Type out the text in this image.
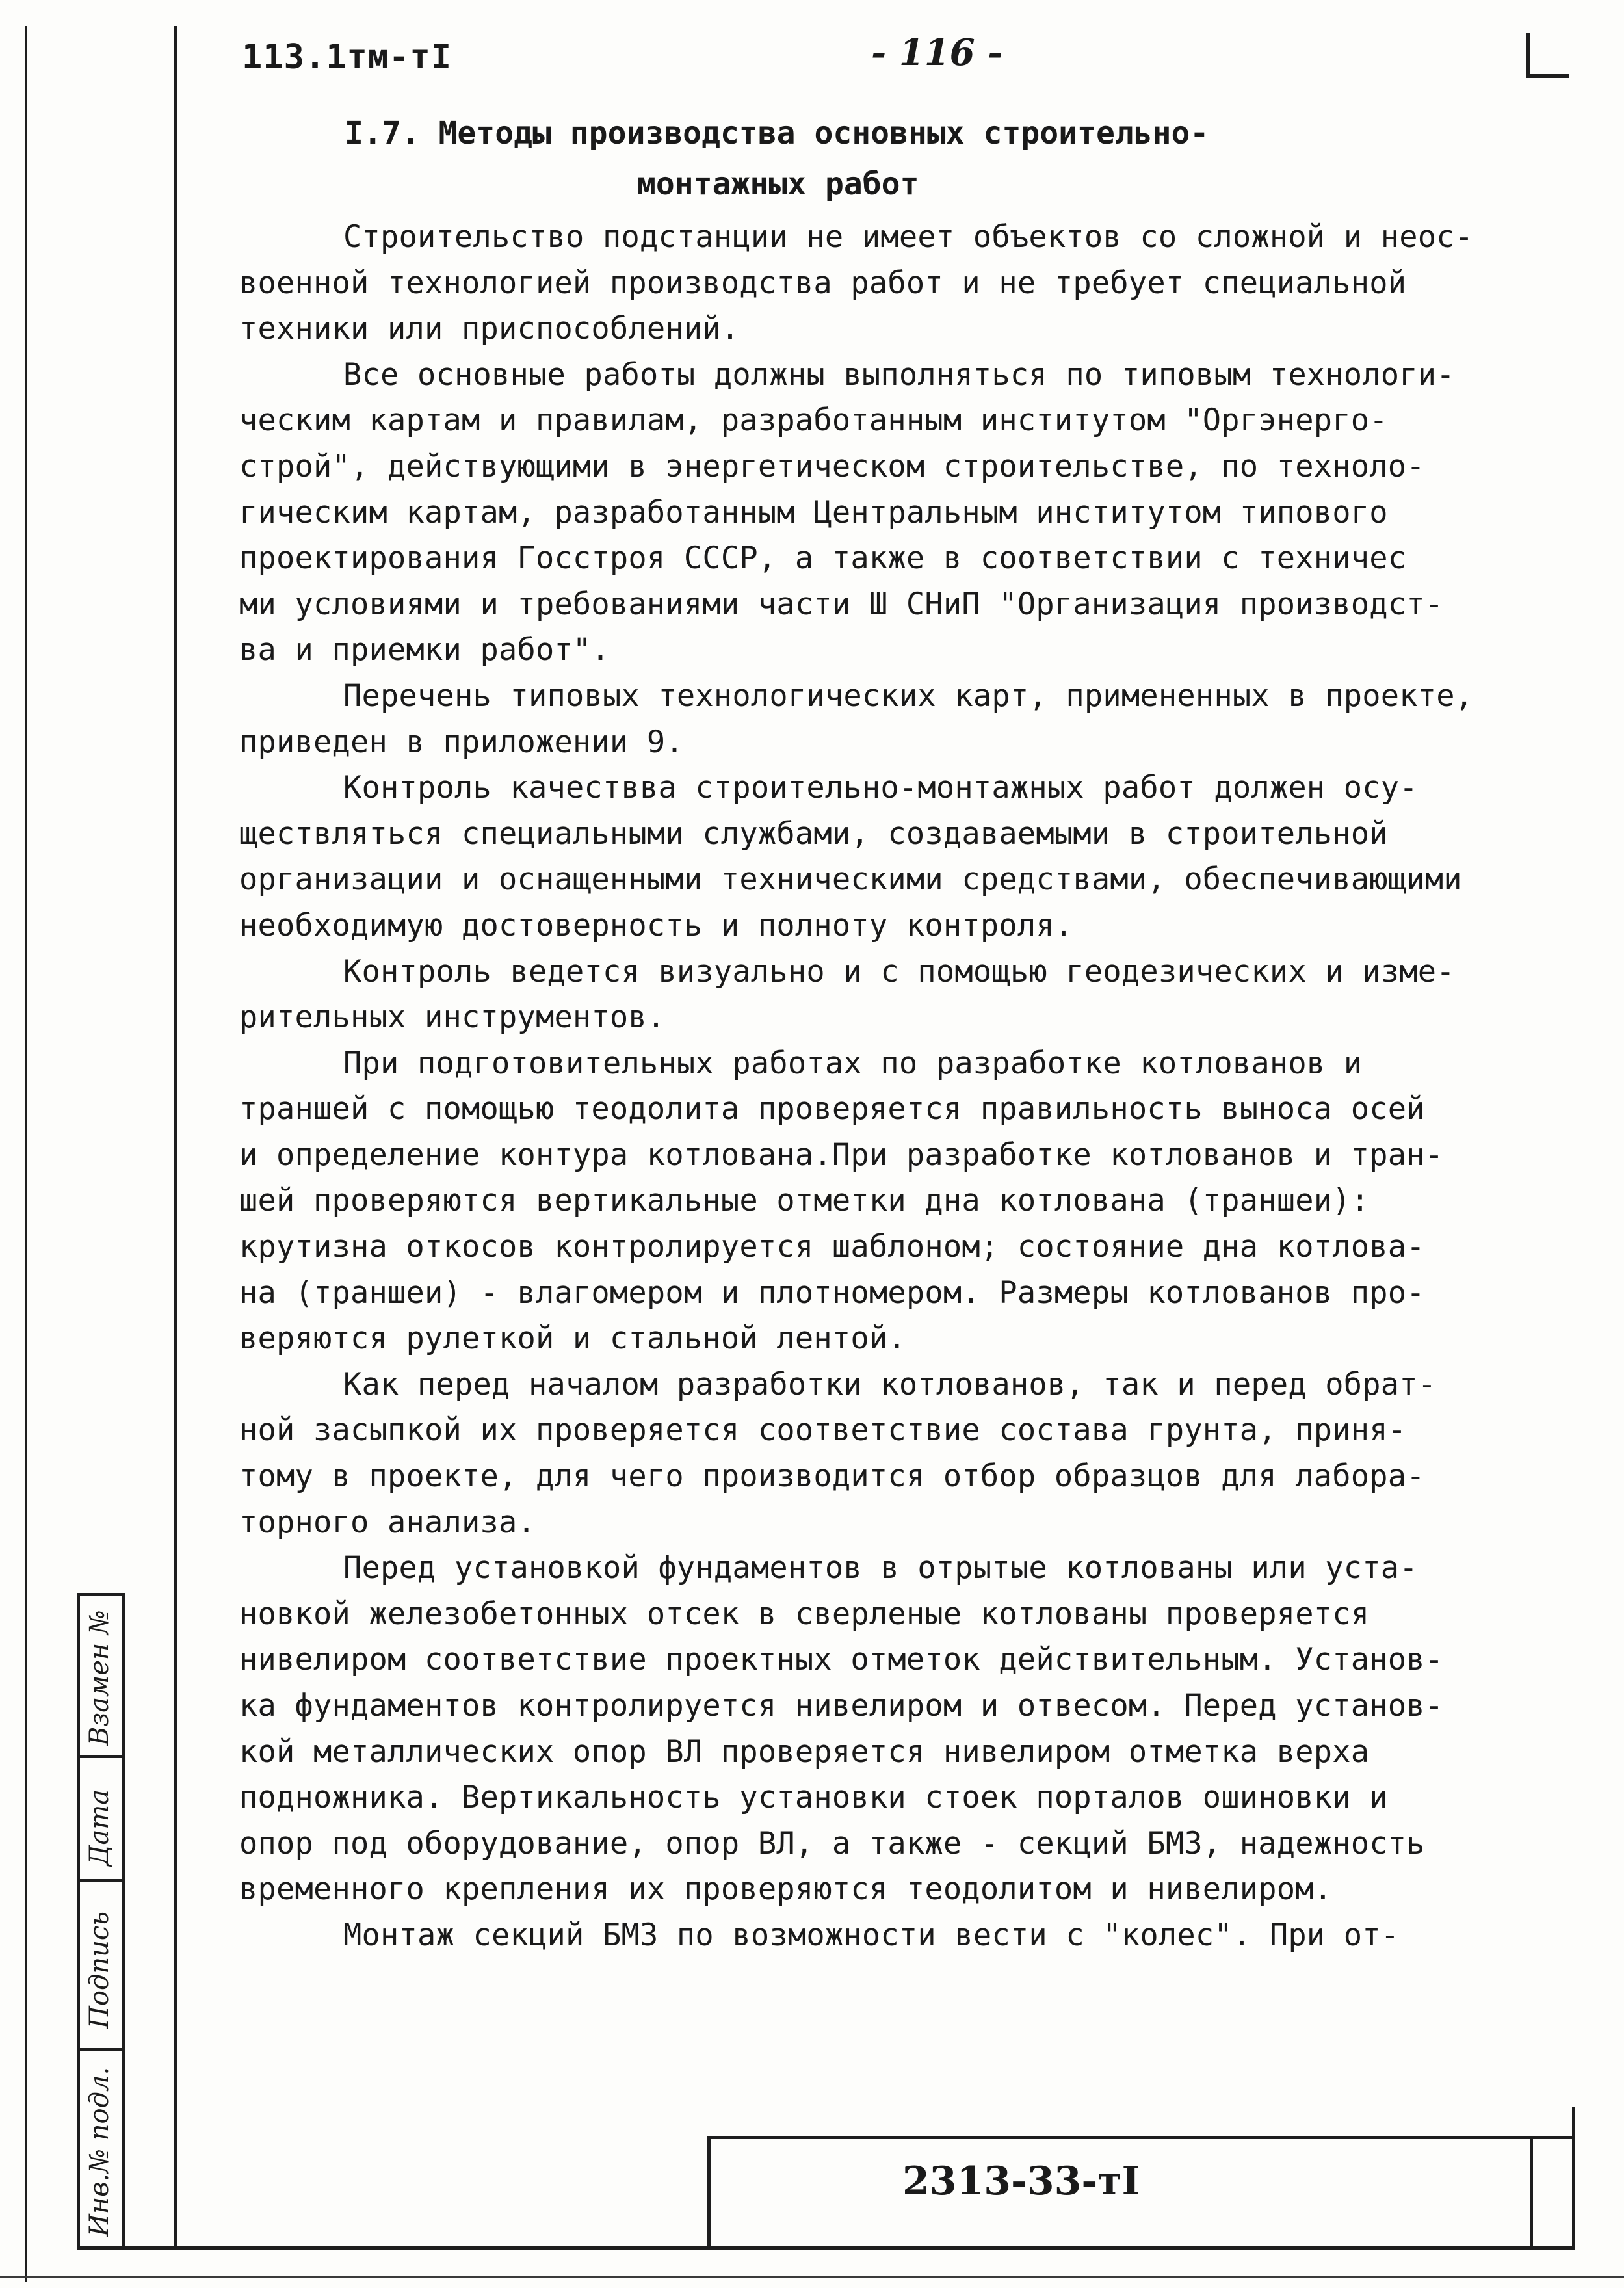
113.1тм-тI	- 116 -
I.7. Методы производства основных строительно-
монтажных работ

Строительство подстанции не имеет объектов со сложной и неос-
военной технологией производства работ и не требует специальной
техники или приспособлений.

Все основные работы должны выполняться по типовым технологи-
ческим картам и правилам, разработанным институтом "Оргэнерго-
строй", действующими в энергетическом строительстве, по техноло-
гическим картам, разработанным Центральным институтом типового
проектирования Госстроя СССР, а также в соответствии с техничес
ми условиями и требованиями части Ш СНиП "Организация производст-
ва и приемки работ".

Перечень типовых технологических карт, примененных в проекте,
приведен в приложении 9.

Контроль качествва строительно-монтажных работ должен осу-
ществляться специальными службами, создаваемыми в строительной
организации и оснащенными техническими средствами, обеспечивающими
необходимую достоверность и полноту контроля.

Контроль ведется визуально и с помощью геодезических и изме-
рительных инструментов.

При подготовительных работах по разработке котлованов и
траншей с помощью теодолита проверяется правильность выноса осей
и определение контура котлована.При разработке котлованов и тран-
шей проверяются вертикальные отметки дна котлована (траншеи):
крутизна откосов контролируется шаблоном; состояние дна котлова-
на (траншеи) - влагомером и плотномером. Размеры котлованов про-
веряются рулеткой и стальной лентой.

Как перед началом разработки котлованов, так и перед обрат-
ной засыпкой их проверяется соответствие состава грунта, приня-
тому в проекте, для чего производится отбор образцов для лабора-
торного анализа.

Перед установкой фундаментов в отрытые котлованы или уста-
новкой железобетонных отсек в сверленые котлованы проверяется
нивелиром соответствие проектных отметок действительным. Установ-
ка фундаментов контролируется нивелиром и отвесом. Перед установ-
кой металлических опор ВЛ проверяется нивелиром отметка верха
подножника. Вертикальность установки стоек порталов ошиновки и
опор под оборудование, опор ВЛ, а также - секций БМЗ, надежность
временного крепления их проверяются теодолитом и нивелиром.

Монтаж секций БМЗ по возможности вести с "колес". При от-

Взамен №
Дата
Подпись
Инв.№ подл.	2313-33-тI
